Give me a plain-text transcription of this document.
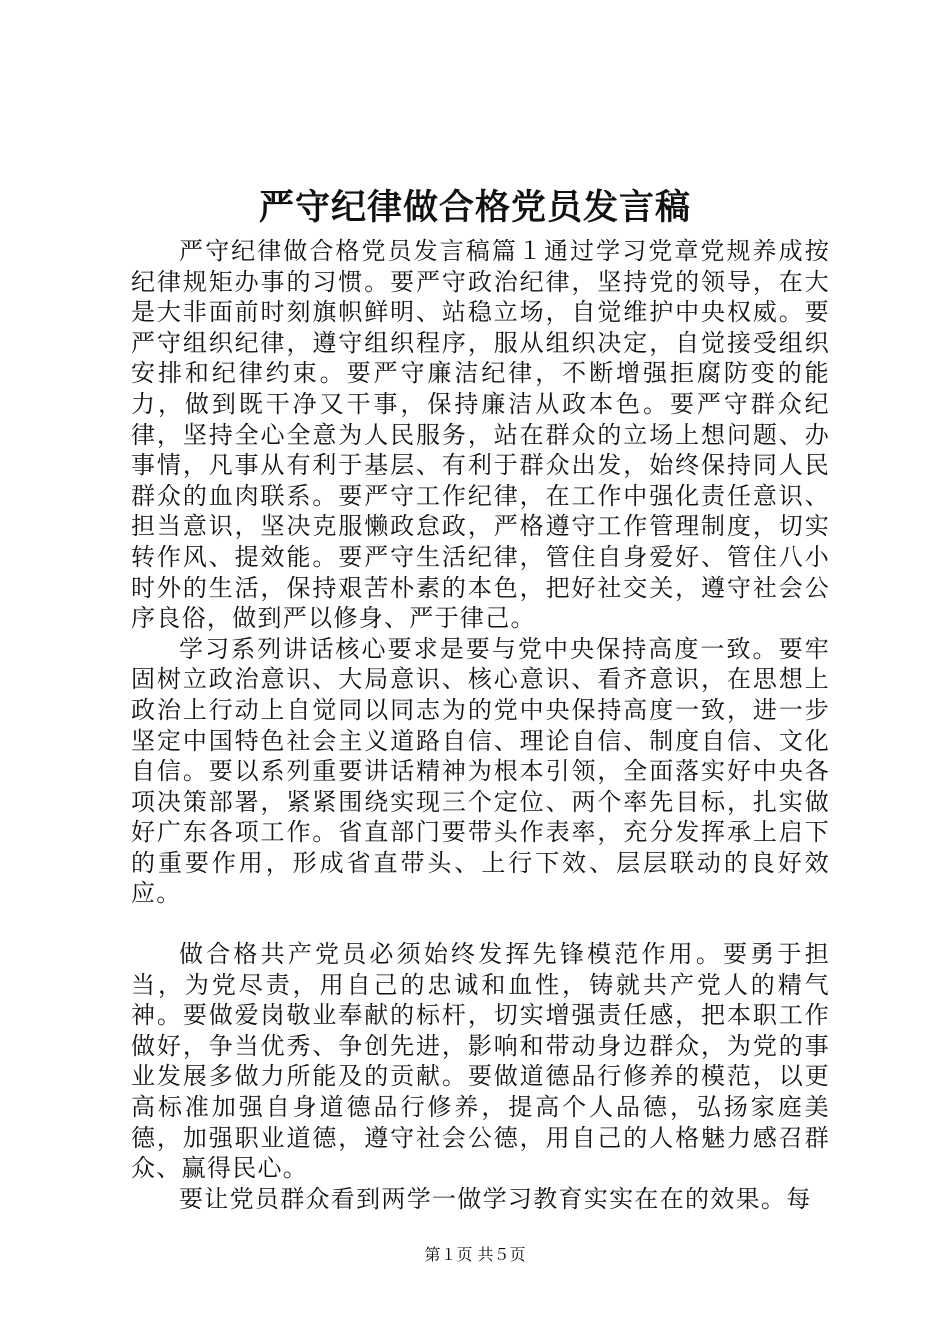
严守纪律做合格党员发言稿

严守纪律做合格党员发言稿篇１通过学习党章党规养成按纪律规矩办事的习惯。要严守政治纪律，坚持党的领导，在大是大非面前时刻旗帜鲜明、站稳立场，自觉维护中央权威。要严守组织纪律，遵守组织程序，服从组织决定，自觉接受组织安排和纪律约束。要严守廉洁纪律，不断增强拒腐防变的能力，做到既干净又干事，保持廉洁从政本色。要严守群众纪律，坚持全心全意为人民服务，站在群众的立场上想问题、办事情，凡事从有利于基层、有利于群众出发，始终保持同人民群众的血肉联系。要严守工作纪律，在工作中强化责任意识、担当意识，坚决克服懒政怠政，严格遵守工作管理制度，切实转作风、提效能。要严守生活纪律，管住自身爱好、管住八小时外的生活，保持艰苦朴素的本色，把好社交关，遵守社会公序良俗，做到严以修身、严于律己。

学习系列讲话核心要求是要与党中央保持高度一致。要牢固树立政治意识、大局意识、核心意识、看齐意识，在思想上政治上行动上自觉同以同志为的党中央保持高度一致，进一步坚定中国特色社会主义道路自信、理论自信、制度自信、文化自信。要以系列重要讲话精神为根本引领，全面落实好中央各项决策部署，紧紧围绕实现三个定位、两个率先目标，扎实做好广东各项工作。省直部门要带头作表率，充分发挥承上启下的重要作用，形成省直带头、上行下效、层层联动的良好效应。

做合格共产党员必须始终发挥先锋模范作用。要勇于担当，为党尽责，用自己的忠诚和血性，铸就共产党人的精气神。要做爱岗敬业奉献的标杆，切实增强责任感，把本职工作做好，争当优秀、争创先进，影响和带动身边群众，为党的事业发展多做力所能及的贡献。要做道德品行修养的模范，以更高标准加强自身道德品行修养，提高个人品德，弘扬家庭美德，加强职业道德，遵守社会公德，用自己的人格魅力感召群众、赢得民心。

要让党员群众看到两学一做学习教育实实在在的效果。每

第１页 共５页
